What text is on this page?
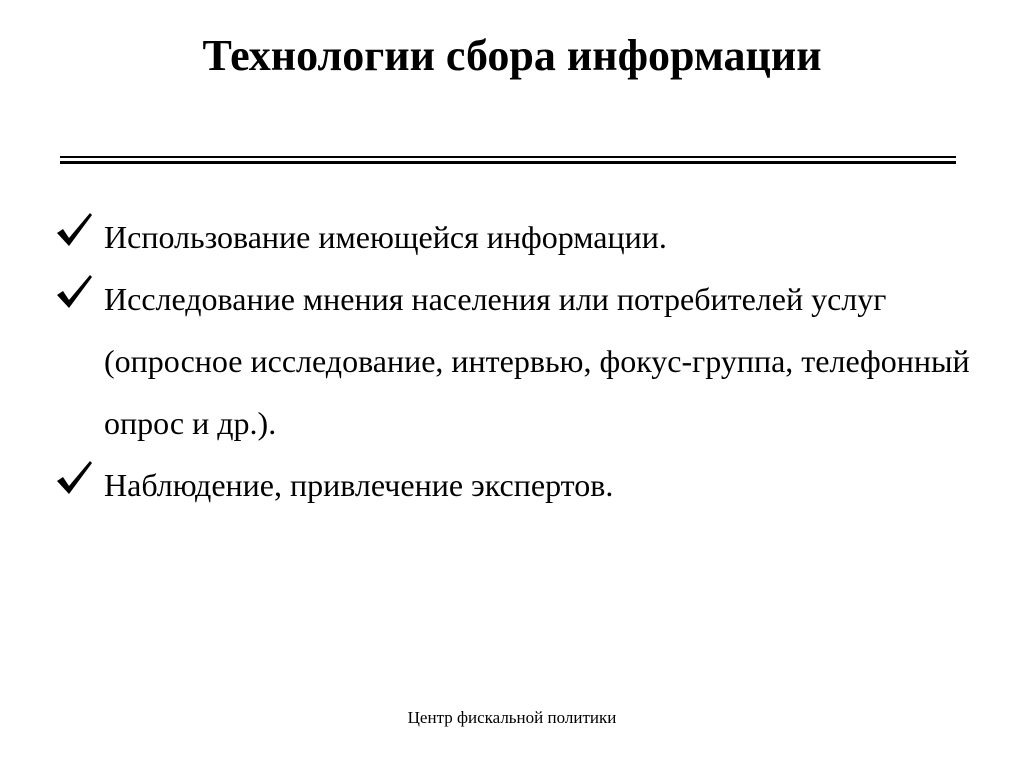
Технологии сбора информации
Использование имеющейся информации.
Исследование мнения населения или потребителей услуг (опросное исследование, интервью, фокус-группа, телефонный опрос и др.).
Наблюдение, привлечение экспертов.
Центр фискальной политики
